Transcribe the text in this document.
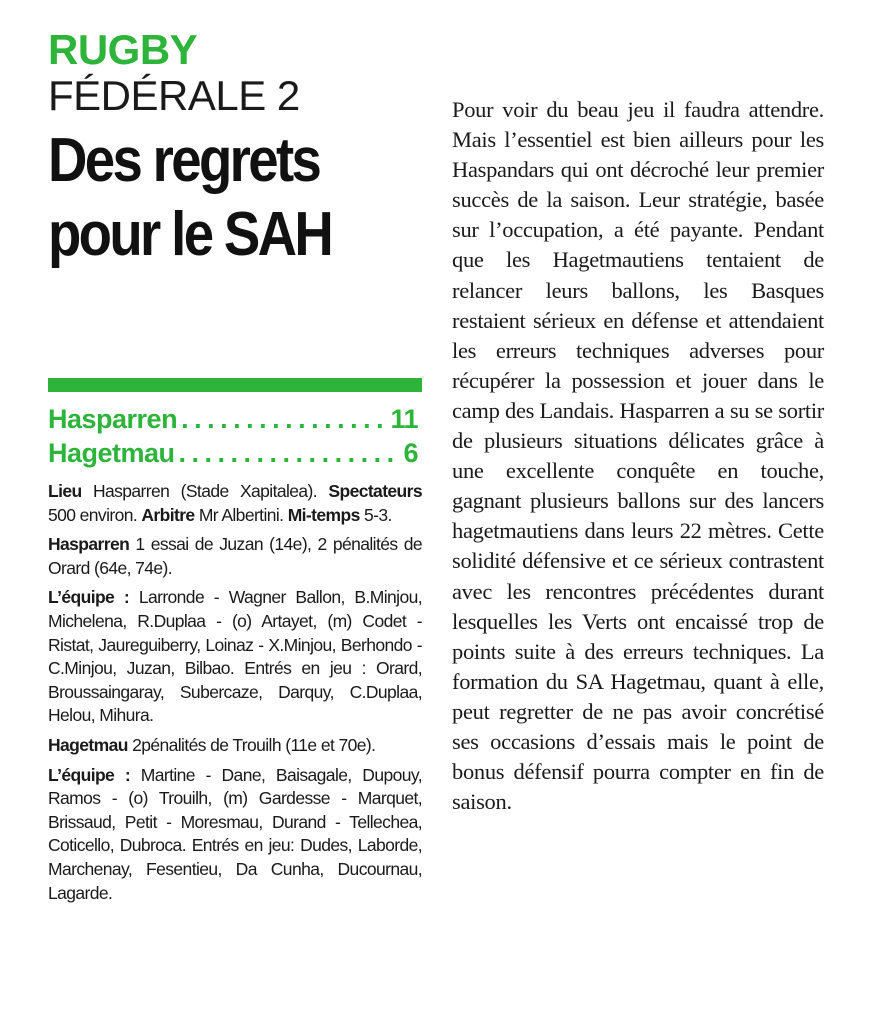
RUGBY
FÉDÉRALE 2
Des regrets
pour le SAH
Hasparren . . .	11
Hagetmau . . .	6

Lieu Hasparren (Stade Xapitalea). Spectateurs 500 environ. Arbitre Mr Albertini. Mi-temps 5-3.

Hasparren 1 essai de Juzan (14e), 2 pénalités de Orard (64e, 74e).

L’équipe : Larronde - Wagner Ballon, B.Minjou, Michelena, R.Duplaa - (o) Artayet, (m) Codet - Ristat, Jaureguiberry, Loinaz - X.Minjou, Berhondo - C.Minjou, Juzan, Bilbao. Entrés en jeu : Orard, Broussaingaray, Subercaze, Darquy, C.Duplaa, Helou, Mihura.

Hagetmau 2pénalités de Trouilh (11e et 70e).

L’équipe : Martine - Dane, Baisagale, Dupouy, Ramos - (o) Trouilh, (m) Gardesse - Marquet, Brissaud, Petit - Moresmau, Durand - Tellechea, Coticello, Dubroca. Entrés en jeu: Dudes, Laborde, Marchenay, Fesentieu, Da Cunha, Ducournau, Lagarde.

Pour voir du beau jeu il faudra attendre. Mais l’essentiel est bien ailleurs pour les Haspandars qui ont décroché leur premier succès de la saison. Leur stratégie, basée sur l’occupation, a été payante. Pendant que les Hagetmautiens tentaient de relancer leurs ballons, les Basques restaient sérieux en défense et attendaient les erreurs techniques adverses pour récupérer la possession et jouer dans le camp des Landais. Hasparren a su se sortir de plusieurs situations délicates grâce à une excellente conquête en touche, gagnant plusieurs ballons sur des lancers hagetmautiens dans leurs 22 mètres. Cette solidité défensive et ce sérieux contrastent avec les rencontres précédentes durant lesquelles les Verts ont encaissé trop de points suite à des erreurs techniques. La formation du SA Hagetmau, quant à elle, peut regretter de ne pas avoir concrétisé ses occasions d’essais mais le point de bonus défensif pourra compter en fin de saison.
